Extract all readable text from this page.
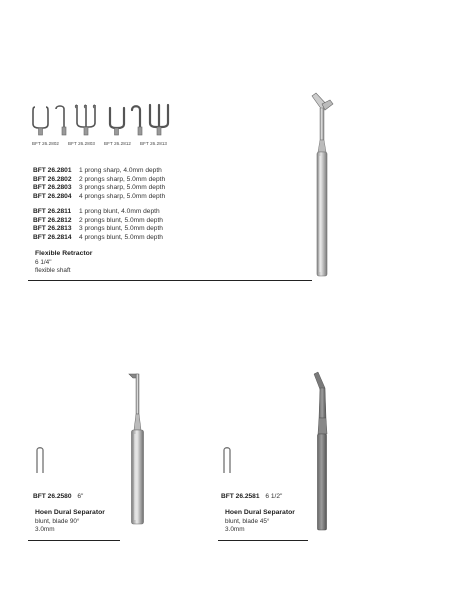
BFT 26.2802 BFT 26.2803 BFT 26.2812 BFT 26.2813
BFT 26.2801 1 prong sharp, 4.0mm depth
BFT 26.2802 2 prongs sharp, 5.0mm depth
BFT 26.2803 3 prongs sharp, 5.0mm depth
BFT 26.2804 4 prongs sharp, 5.0mm depth
BFT 26.2811 1 prong blunt, 4.0mm depth
BFT 26.2812 2 prongs blunt, 5.0mm depth
BFT 26.2813 3 prongs blunt, 5.0mm depth
BFT 26.2814 4 prongs blunt, 5.0mm depth
Flexible Retractor
6 1/4"
flexible shaft
BFT 26.2580 6"
Hoen Dural Separator
blunt, blade 90°
3.0mm
BFT 26.2581 6 1/2"
Hoen Dural Separator
blunt, blade 45°
3.0mm
